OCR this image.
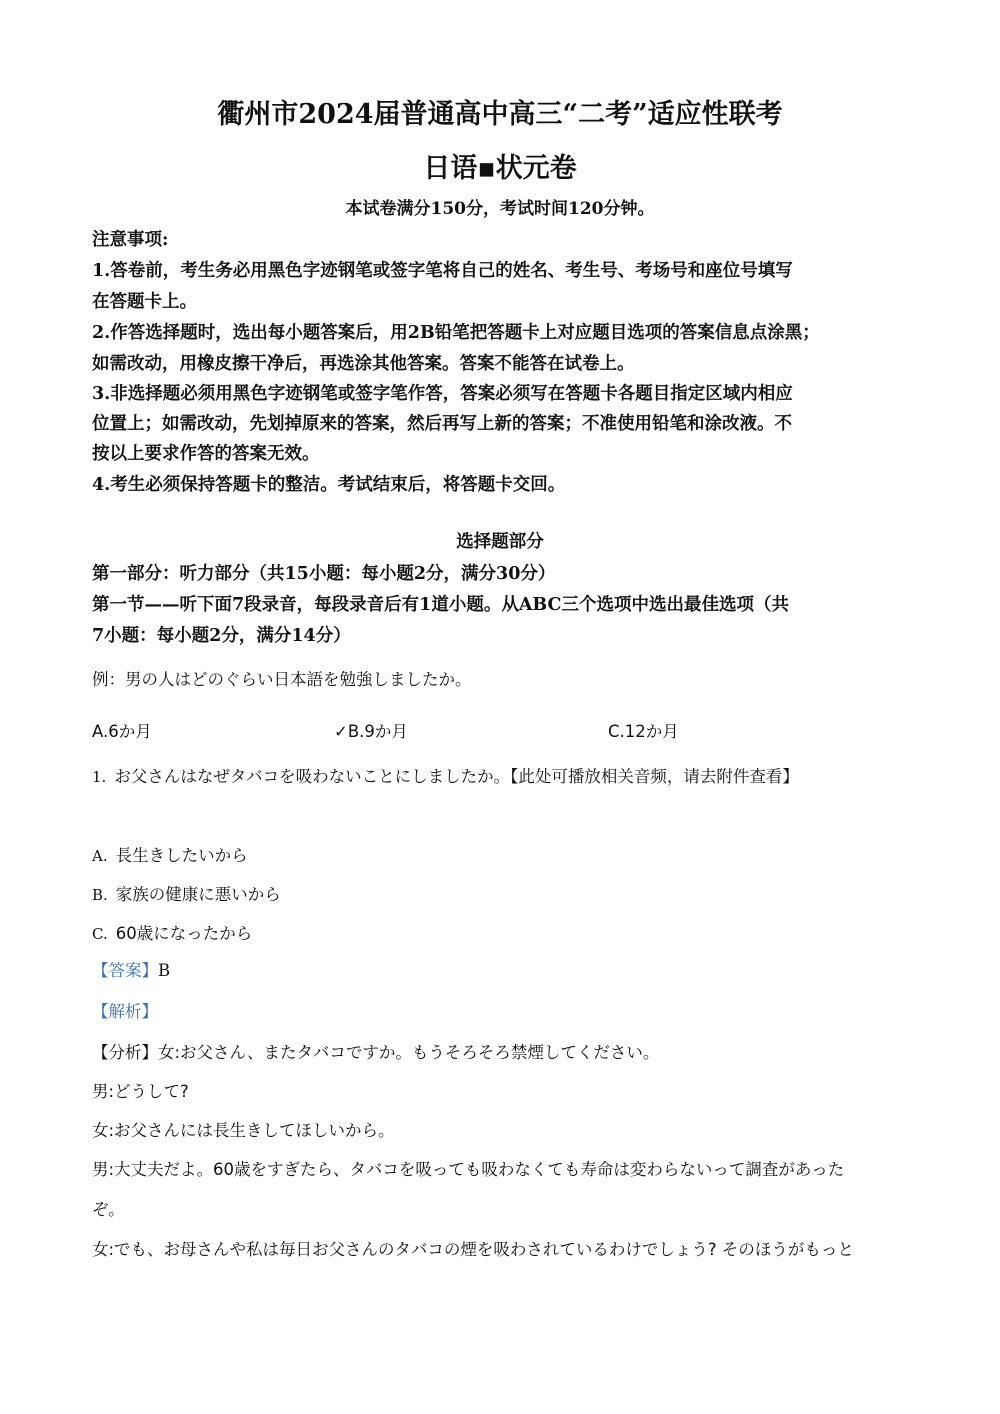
衢州市2024届普通高中高三“二考”适应性联考
日语▪状元卷
本试卷满分150分，考试时间120分钟。
注意事项:
1.答卷前，考生务必用黑色字迹钢笔或签字笔将自己的姓名、考生号、考场号和座位号填写
在答题卡上。
2.作答选择题时，选出每小题答案后，用2B铅笔把答题卡上对应题目选项的答案信息点涂黑；
如需改动，用橡皮擦干净后，再选涂其他答案。答案不能答在试卷上。
3.非选择题必须用黑色字迹钢笔或签字笔作答，答案必须写在答题卡各题目指定区域内相应
位置上；如需改动，先划掉原来的答案，然后再写上新的答案；不准使用铅笔和涂改液。不
按以上要求作答的答案无效。
4.考生必须保持答题卡的整洁。考试结束后，将答题卡交回。
选择题部分
第一部分：听力部分（共15小题：每小题2分，满分30分）
第一节——听下面7段录音，每段录音后有1道小题。从ABC三个选项中选出最佳选项（共
7小题：每小题2分，满分14分）
例：男の人はどのぐらい日本語を勉強しましたか。
A.6か月	✓B.9か月	C.12か月
1. お父さんはなぜタバコを吸わないことにしましたか。【此处可播放相关音频，请去附件查看】
A. 長生きしたいから
B. 家族の健康に悪いから
C. 60歳になったから
【答案】B
【解析】
【分析】女:お父さん、またタバコですか。もうそろそろ禁煙してください。
男:どうして?
女:お父さんには長生きしてほしいから。
男:大丈夫だよ。60歳をすぎたら、タバコを吸っても吸わなくても寿命は変わらないって調査があった
ぞ。
女:でも、お母さんや私は毎日お父さんのタバコの煙を吸わされているわけでしょう? そのほうがもっと
